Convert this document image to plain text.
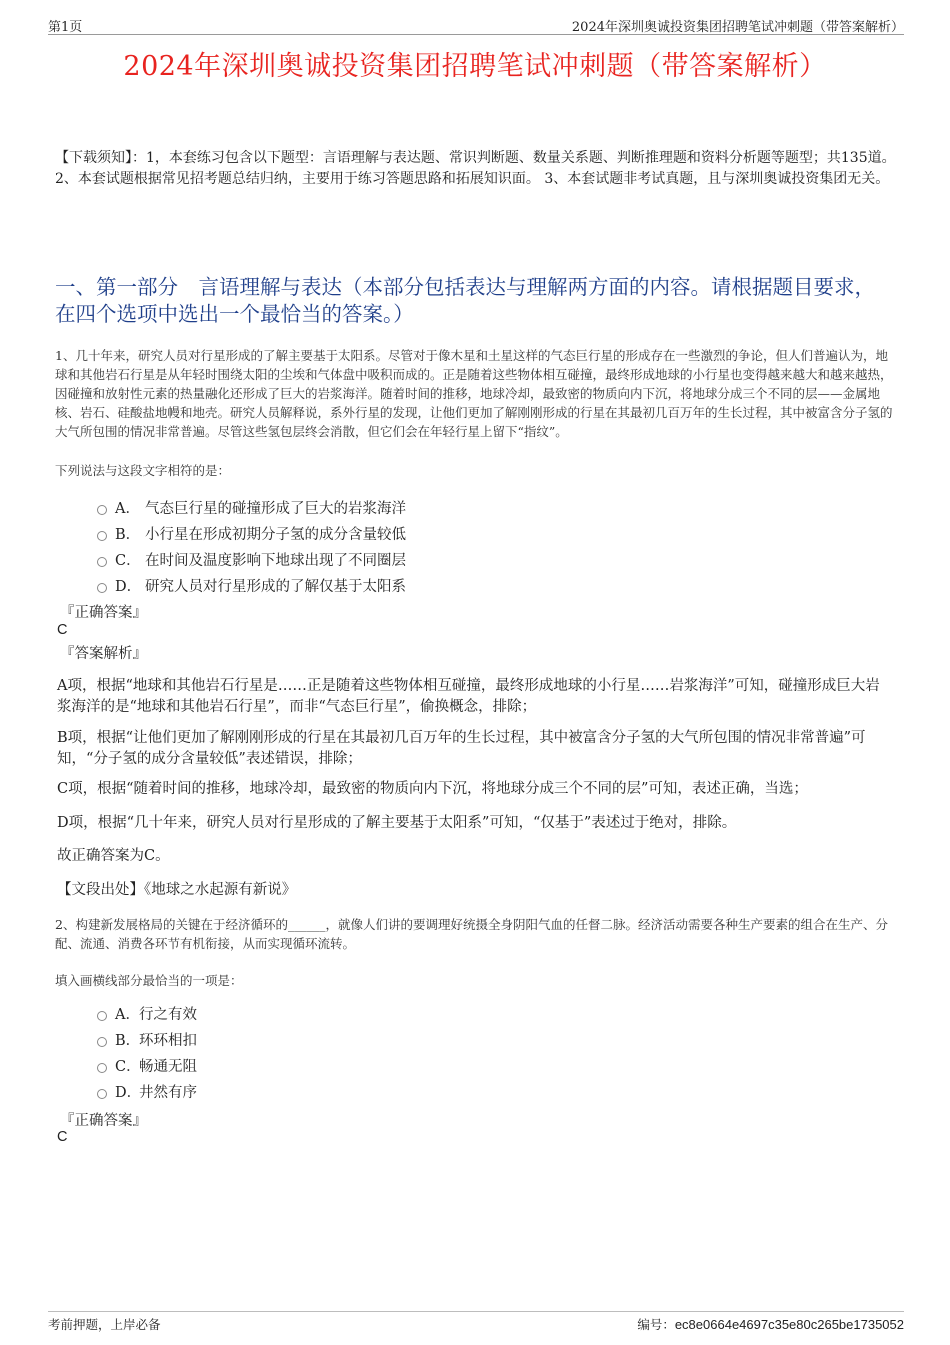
第1页	2024年深圳奥诚投资集团招聘笔试冲刺题（带答案解析）
2024年深圳奥诚投资集团招聘笔试冲刺题（带答案解析）
【下载须知】：1，本套练习包含以下题型：言语理解与表达题、常识判断题、数量关系题、判断推理题和资料分析题等题型；共135道。 2、本套试题根据常见招考题总结归纳，主要用于练习答题思路和拓展知识面。 3、本套试题非考试真题，且与深圳奥诚投资集团无关。
一、第一部分　言语理解与表达（本部分包括表达与理解两方面的内容。请根据题目要求，在四个选项中选出一个最恰当的答案。）
1、几十年来，研究人员对行星形成的了解主要基于太阳系。尽管对于像木星和土星这样的气态巨行星的形成存在一些激烈的争论，但人们普遍认为，地球和其他岩石行星是从年轻时围绕太阳的尘埃和气体盘中吸积而成的。正是随着这些物体相互碰撞，最终形成地球的小行星也变得越来越大和越来越热，因碰撞和放射性元素的热量融化还形成了巨大的岩浆海洋。随着时间的推移，地球冷却，最致密的物质向内下沉，将地球分成三个不同的层——金属地核、岩石、硅酸盐地幔和地壳。研究人员解释说，系外行星的发现，让他们更加了解刚刚形成的行星在其最初几百万年的生长过程，其中被富含分子氢的大气所包围的情况非常普遍。尽管这些氢包层终会消散，但它们会在年轻行星上留下“指纹”。
下列说法与这段文字相符的是：
A． 气态巨行星的碰撞形成了巨大的岩浆海洋
B． 小行星在形成初期分子氢的成分含量较低
C． 在时间及温度影响下地球出现了不同圈层
D． 研究人员对行星形成的了解仅基于太阳系
『正确答案』
C
『答案解析』
A项，根据“地球和其他岩石行星是……正是随着这些物体相互碰撞，最终形成地球的小行星……岩浆海洋”可知，碰撞形成巨大岩浆海洋的是“地球和其他岩石行星”，而非“气态巨行星”，偷换概念，排除；
B项，根据“让他们更加了解刚刚形成的行星在其最初几百万年的生长过程，其中被富含分子氢的大气所包围的情况非常普遍”可知，“分子氢的成分含量较低”表述错误，排除；
C项，根据“随着时间的推移，地球冷却，最致密的物质向内下沉，将地球分成三个不同的层”可知，表述正确，当选；
D项，根据“几十年来，研究人员对行星形成的了解主要基于太阳系”可知，“仅基于”表述过于绝对，排除。
故正确答案为C。
【文段出处】《地球之水起源有新说》
2、构建新发展格局的关键在于经济循环的______，就像人们讲的要调理好统摄全身阴阳气血的任督二脉。经济活动需要各种生产要素的组合在生产、分配、流通、消费各环节有机衔接，从而实现循环流转。
填入画横线部分最恰当的一项是：
A． 行之有效
B．
环环相扣
C．
畅通无阻
D．
井然有序
『正确答案』
C
考前押题，上岸必备	编号：ec8e0664e4697c35e80c265be1735052
